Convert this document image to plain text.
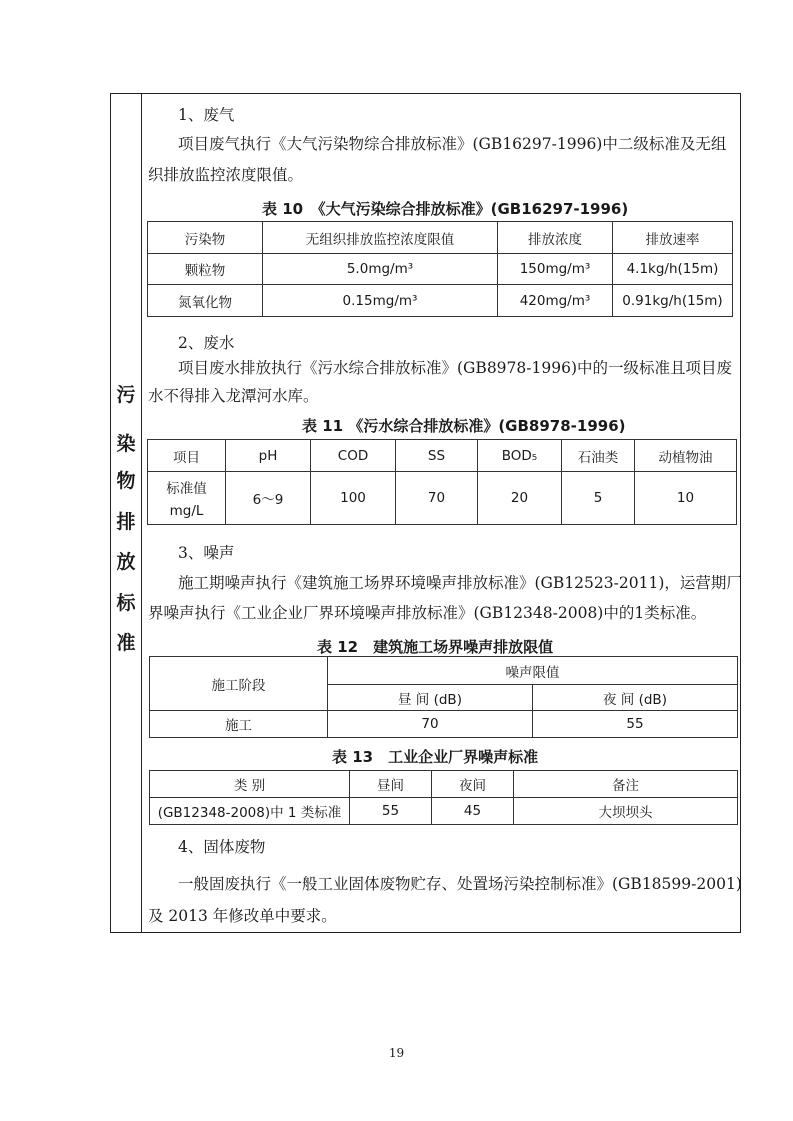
污
染
物
排
放
标
准
1、废气
项目废气执行《大气污染物综合排放标准》(GB16297-1996)中二级标准及无组
织排放监控浓度限值。
表 10　《大气污染综合排放标准》(GB16297-1996)
污染物	无组织排放监控浓度限值	排放浓度	排放速率
颗粒物	5.0mg/m³	150mg/m³	4.1kg/h(15m)
氮氧化物	0.15mg/m³	420mg/m³	0.91kg/h(15m)
2、废水
项目废水排放执行《污水综合排放标准》(GB8978-1996)中的一级标准且项目废
水不得排入龙潭河水库。
表 11 《污水综合排放标准》(GB8978-1996)
项目	pH	COD	SS	BOD₅	石油类	动植物油

标准值
mg/L	6～9	100	70	20	5	10
3、噪声
施工期噪声执行《建筑施工场界环境噪声排放标准》(GB12523-2011)，运营期厂
界噪声执行《工业企业厂界环境噪声排放标准》(GB12348-2008)中的1类标准。
表 12　建筑施工场界噪声排放限值
施工阶段	噪声限值	
	昼 间 (dB)	夜 间 (dB)
施工	70	55
表 13　工业企业厂界噪声标准
类 别	昼间	夜间	备注
(GB12348-2008)中 1 类标准	55	45	大坝坝头
4、固体废物
一般固废执行《一般工业固体废物贮存、处置场污染控制标准》(GB18599-2001)
及 2013 年修改单中要求。
19
